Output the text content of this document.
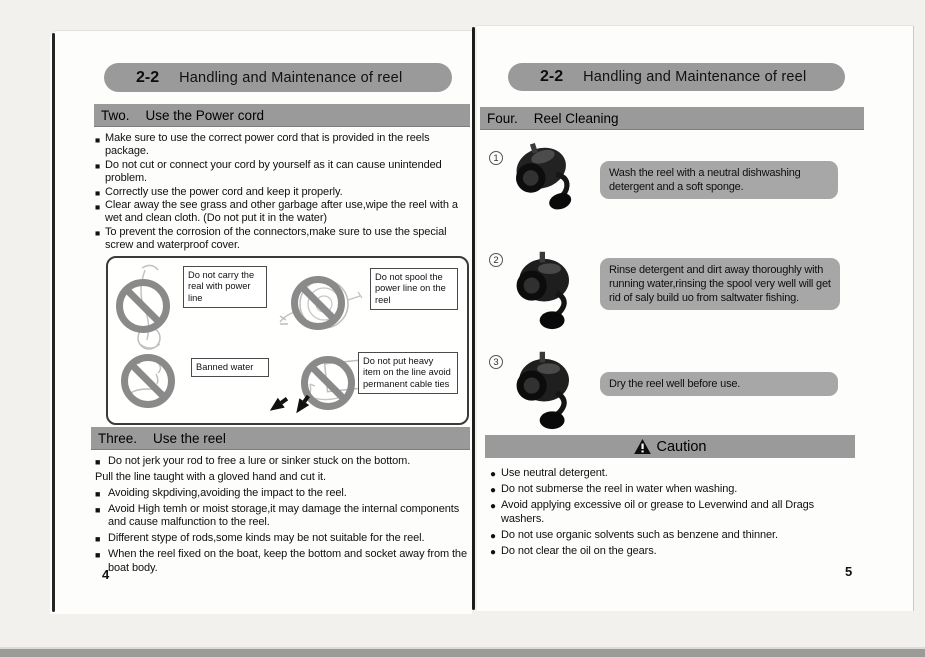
2-2 Handling and Maintenance of reel
Two. Use the Power cord
■ Make sure to use the correct power cord that is provided in the reels package.
■ Do not cut or connect your cord by yourself as it can cause unintended problem.
■ Correctly use the power cord and keep it properly.
■ Clear away the see grass and other garbage after use,wipe the reel with a wet and clean cloth. (Do not put it in the water)
■ To prevent the corrosion of the connectors,make sure to use the special screw and waterproof cover.
Do not carry the real with power line
Do not spool the power line on the reel
Banned water
Do not put heavy item on the line avoid permanent cable ties
Three. Use the reel
■ Do not jerk your rod to free a lure or sinker stuck on the bottom.
Pull the line taught with a gloved hand and cut it.
■ Avoiding skpdiving,avoiding the impact to the reel.
■ Avoid High temh or moist storage,it may damage the internal components and cause malfunction to the reel.
■ Different stype of rods,some kinds may be not suitable for the reel.
■ When the reel fixed on the boat, keep the bottom and socket away from the boat body.
4
2-2 Handling and Maintenance of reel
Four. Reel Cleaning
1
Wash the reel with a neutral dishwashing detergent and a soft sponge.
2
Rinse detergent and dirt away thoroughly with running water,rinsing the spool very well will get rid of saly build uo from saltwater fishing.
3
Dry the reel well before use.
Caution
● Use neutral detergent.
● Do not submerse the reel in water when washing.
● Avoid applying excessive oil or grease to Leverwind and all Drags washers.
● Do not use organic solvents such as benzene and thinner.
● Do not clear the oil on the gears.
5
